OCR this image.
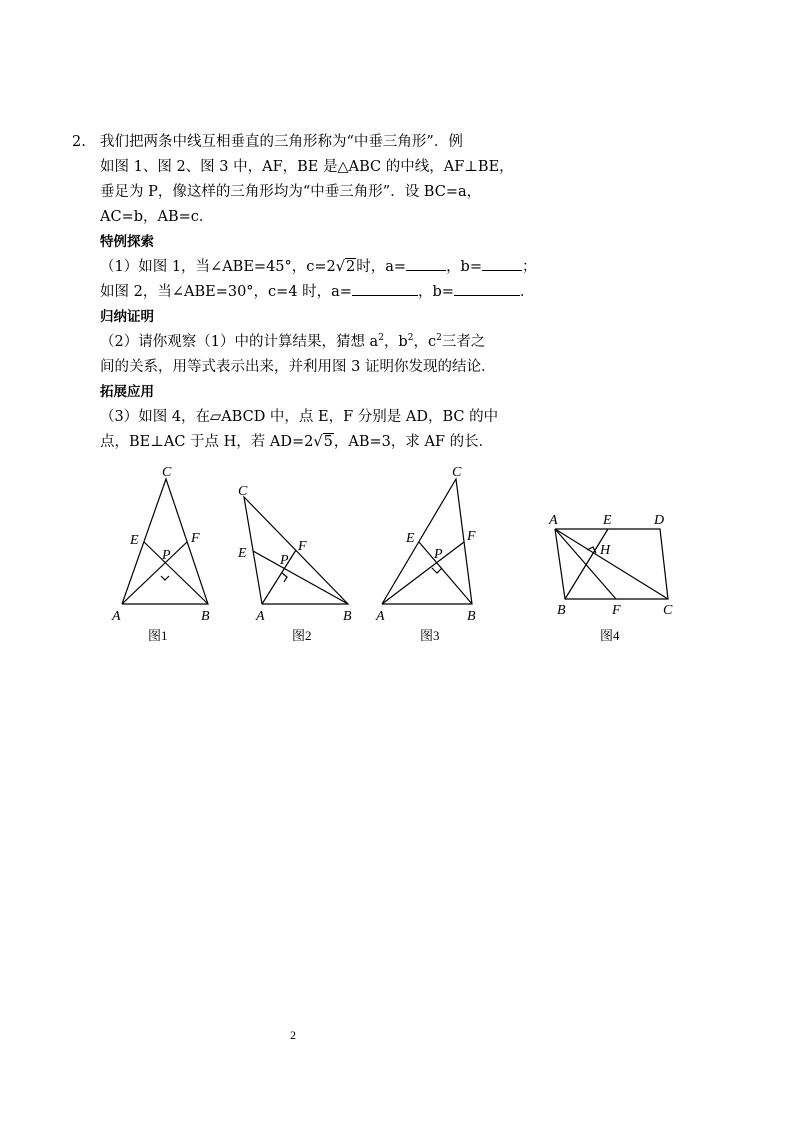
2. 我们把两条中线互相垂直的三角形称为“中垂三角形”．例
如图 1、图 2、图 3 中，AF，BE 是△ABC 的中线，AF⊥BE，
垂足为 P，像这样的三角形均为“中垂三角形”．设 BC=a，
AC=b，AB=c．
特例探索
（1）如图 1，当∠ABE=45°，c=2√2时，a=	，b=	；
如图 2，当∠ABE=30°，c=4 时，a=	，b=	．
归纳证明
（2）请你观察（1）中的计算结果，猜想 $a^2$，$b^2$，$c^2$三者之
间的关系，用等式表示出来，并利用图 3 证明你发现的结论．
拓展应用
（3）如图 4，在▱ABCD 中，点 E，F 分别是 AD，BC 的中
点，BE⊥AC 于点 H，若 AD=2√5，AB=3，求 AF 的长．
C
E	F
P
A	B
图1
C
E	F
P
A	B
图2
C
E	F
P
A	B
图3
A	E	D
H
B	F	C
图4
2
